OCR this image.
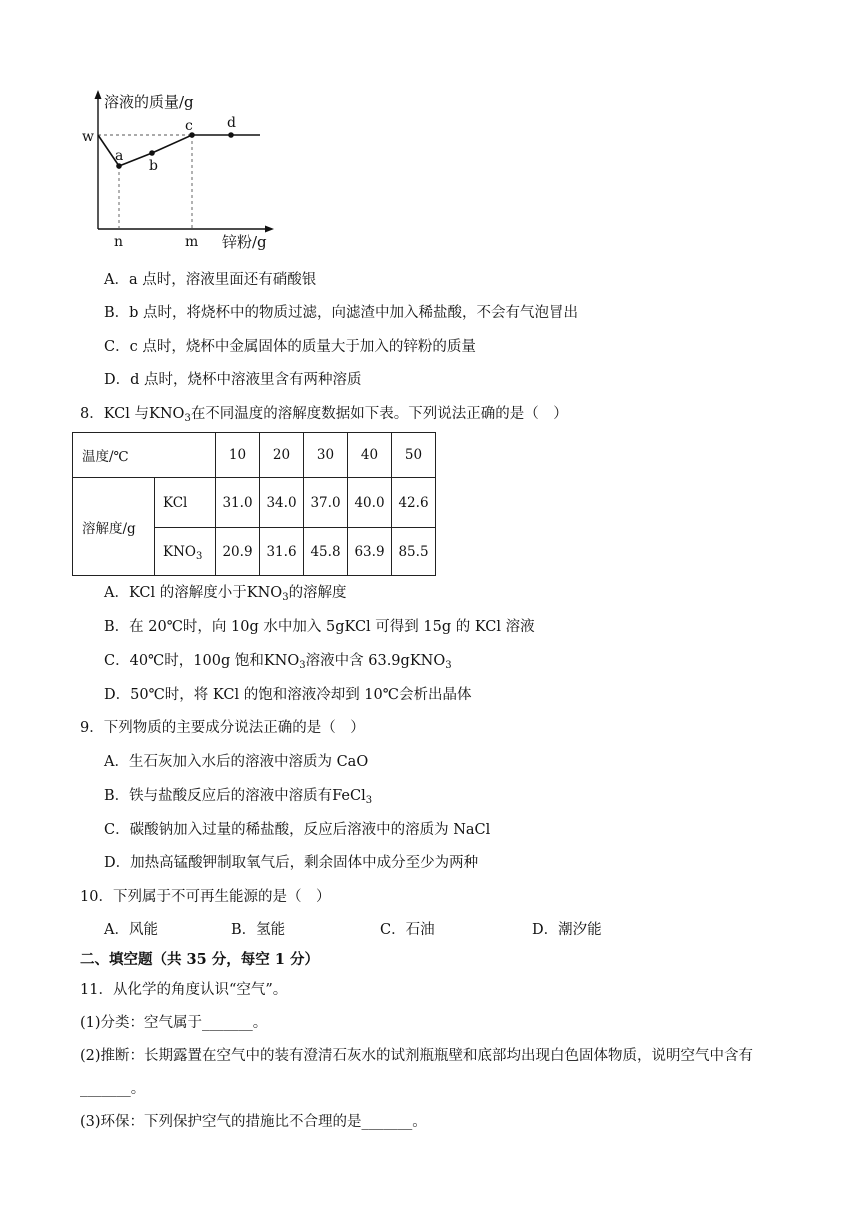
溶液的质量/g
锌粉/g
w
n	m
a
b
c d
A．a 点时，溶液里面还有硝酸银
B．b 点时，将烧杯中的物质过滤，向滤渣中加入稀盐酸，不会有气泡冒出
C．c 点时，烧杯中金属固体的质量大于加入的锌粉的质量
D．d 点时，烧杯中溶液里含有两种溶质
8．KCl 与$KNO_3$在不同温度的溶解度数据如下表。下列说法正确的是（　）
温度/℃		10	20	30	40	50
溶解度/g	KCl	31.0	34.0	37.0	40.0	42.6
	$KNO_3$	20.9	31.6	45.8	63.9	85.5
A．KCl 的溶解度小于$KNO_3$的溶解度
B．在 20℃时，向 10g 水中加入 5gKCl 可得到 15g 的 KCl 溶液
C．40℃时，100g 饱和$KNO_3$溶液中含 63.9gKNO$_3$
D．50℃时，将 KCl 的饱和溶液冷却到 10℃会析出晶体
9．下列物质的主要成分说法正确的是（　）
A．生石灰加入水后的溶液中溶质为 CaO
B．铁与盐酸反应后的溶液中溶质有FeCl$_3$
C．碳酸钠加入过量的稀盐酸，反应后溶液中的溶质为 NaCl
D．加热高锰酸钾制取氧气后，剩余固体中成分至少为两种
10．下列属于不可再生能源的是（　）
A．风能	B．氢能	C．石油	D．潮汐能
二、填空题（共 35 分，每空 1 分）
11．从化学的角度认识“空气”。
(1)分类：空气属于_______。
(2)推断：长期露置在空气中的装有澄清石灰水的试剂瓶瓶壁和底部均出现白色固体物质，说明空气中含有
_______。
(3)环保：下列保护空气的措施比不合理的是_______。
